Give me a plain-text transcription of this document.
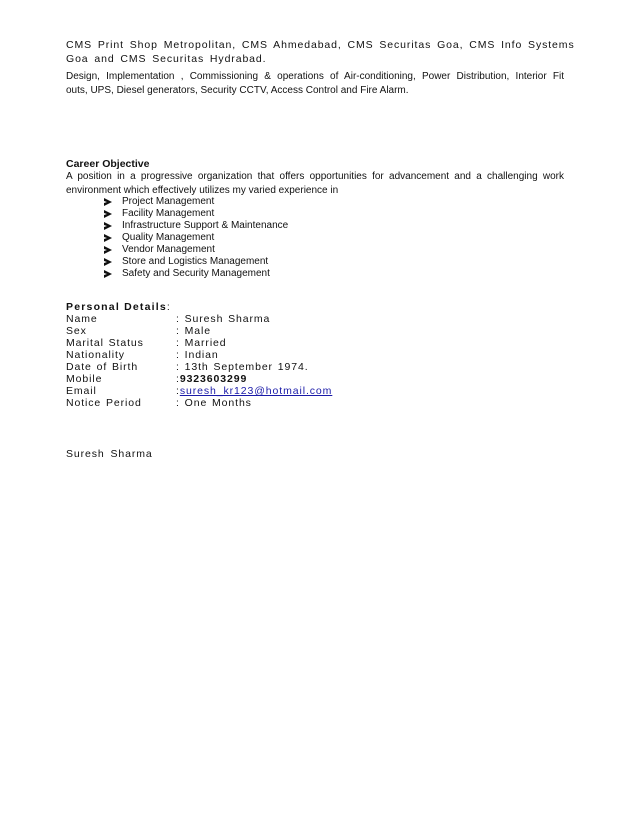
CMS Print Shop Metropolitan, CMS Ahmedabad, CMS Securitas Goa, CMS Info Systems
Goa and CMS Securitas Hydrabad.
Design, Implementation , Commissioning & operations of Air-conditioning, Power Distribution, Interior Fit
outs, UPS, Diesel generators, Security CCTV, Access Control and Fire Alarm.
Career Objective
A position in a progressive organization that offers opportunities for advancement and a challenging work
environment which effectively utilizes my varied experience in
Project Management
Facility Management
Infrastructure Support & Maintenance
Quality Management
Vendor Management
Store and Logistics Management
Safety and Security Management
Personal Details:
Name	: Suresh Sharma
Sex	: Male
Marital Status	: Married
Nationality	: Indian
Date of Birth	: 13th September 1974.
Mobile	:9323603299
Email	:suresh_kr123@hotmail.com
Notice Period	: One Months
Suresh Sharma
